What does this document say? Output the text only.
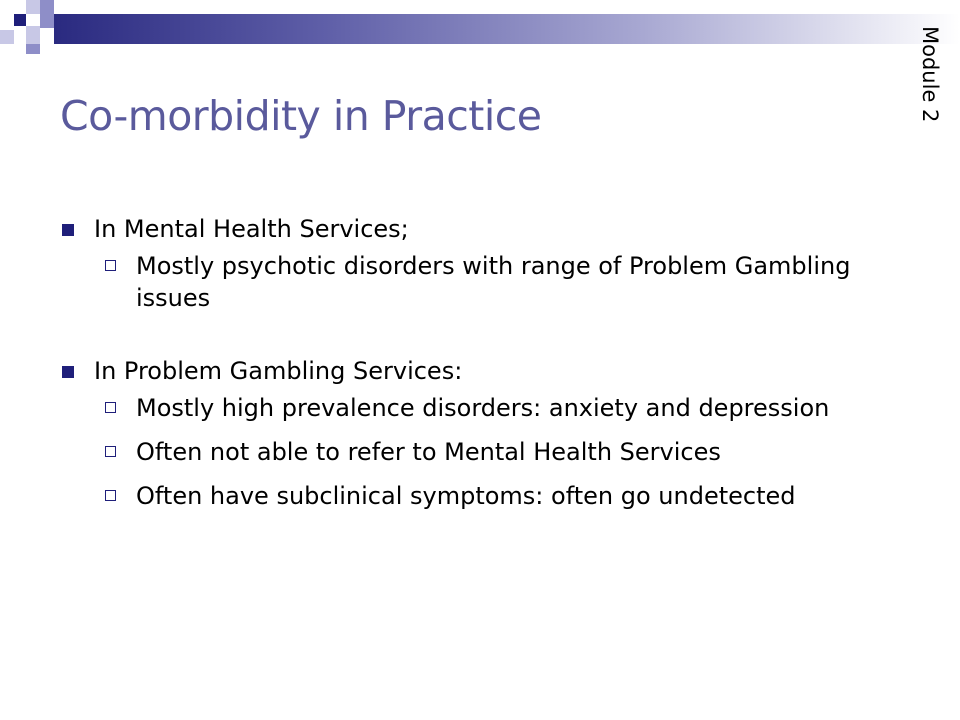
Module 2
Co-morbidity in Practice
In Mental Health Services;
Mostly psychotic disorders with range of Problem Gambling issues
In Problem Gambling Services:
Mostly high prevalence disorders: anxiety and depression
Often not able to refer to Mental Health Services
Often have subclinical symptoms: often go undetected
